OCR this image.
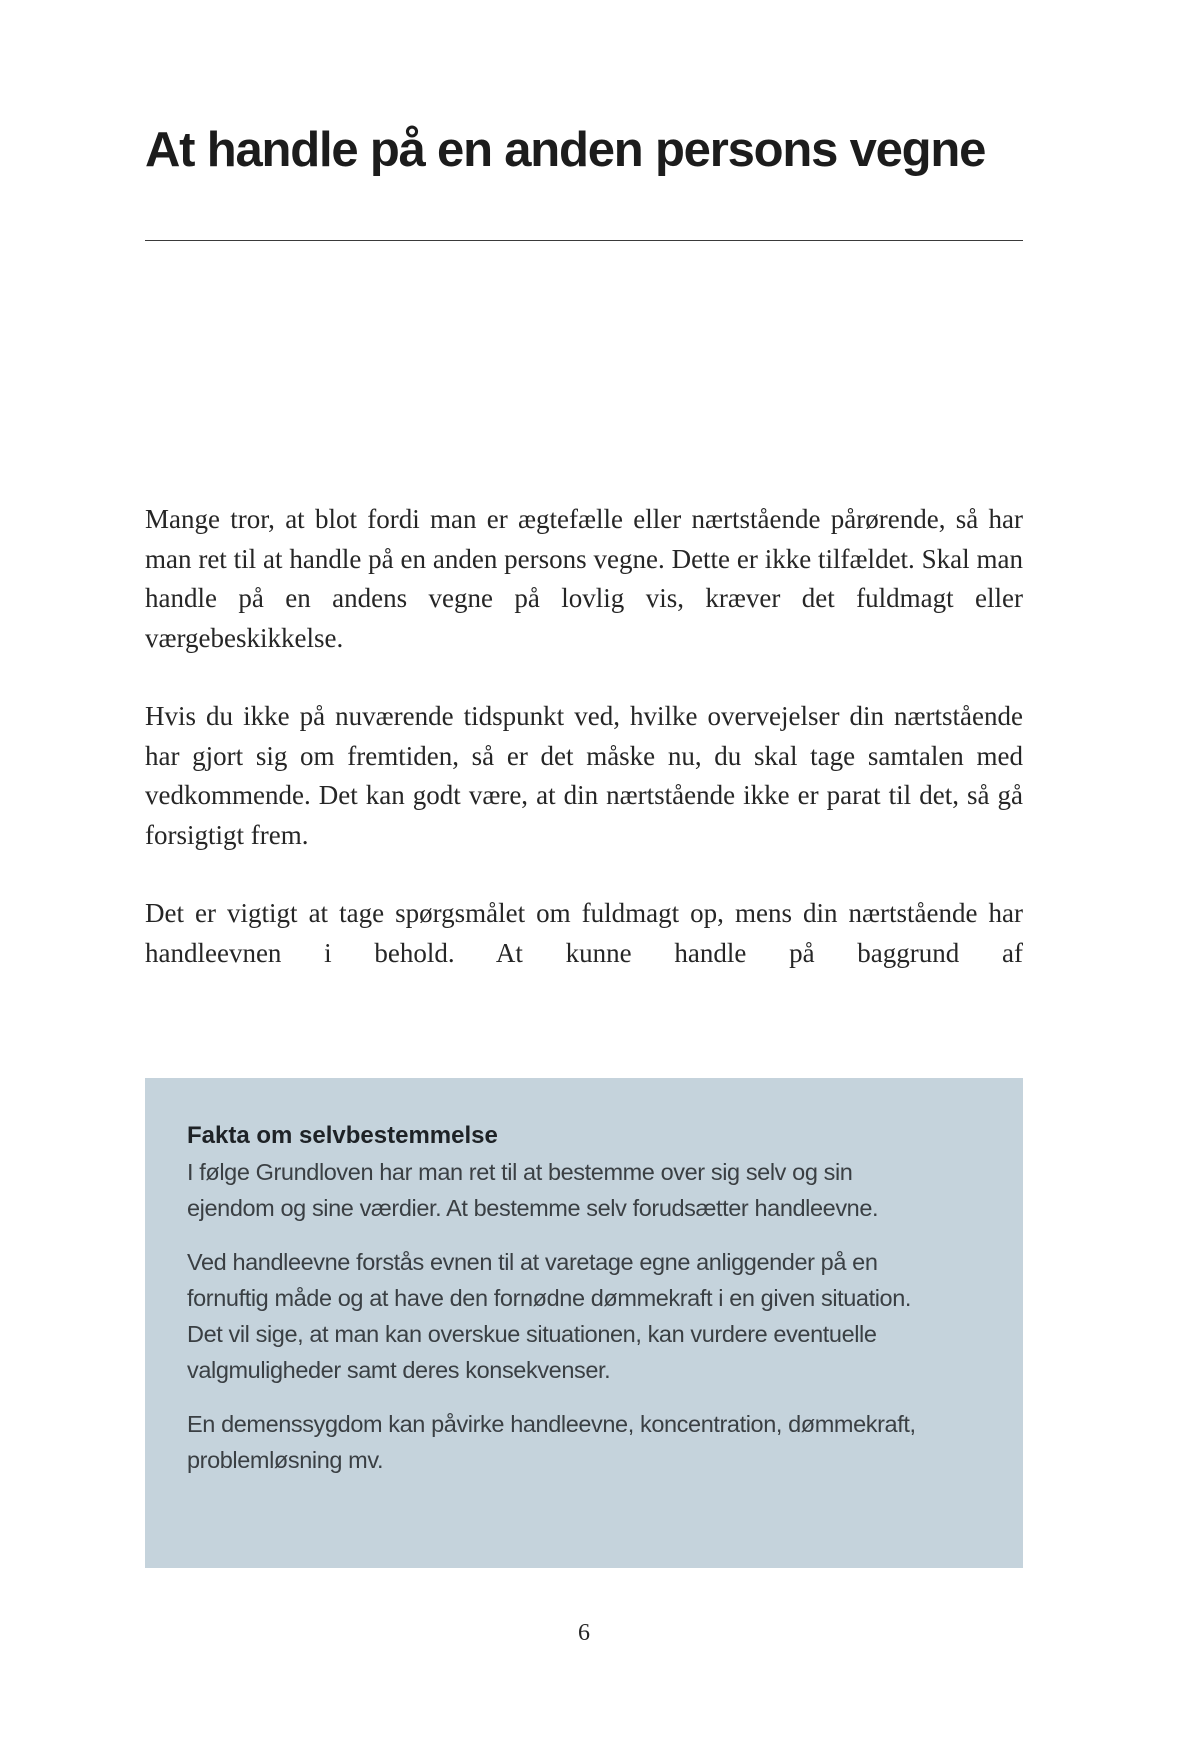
At handle på en anden persons vegne

Mange tror, at blot fordi man er ægtefælle eller nærtstående pårørende, så har man ret til at handle på en anden persons vegne. Dette er ikke tilfældet. Skal man handle på en andens vegne på lovlig vis, kræver det fuldmagt eller værgebeskikkelse.

Hvis du ikke på nuværende tidspunkt ved, hvilke overvejelser din nærtstående har gjort sig om fremtiden, så er det måske nu, du skal tage samtalen med vedkommende. Det kan godt være, at din nærtstående ikke er parat til det, så gå forsigtigt frem.

Det er vigtigt at tage spørgsmålet om fuldmagt op, mens din nærtstående har handleevnen i behold. At kunne handle på baggrund af

Fakta om selvbestemmelse

I følge Grundloven har man ret til at bestemme over sig selv og sin ejendom og sine værdier. At bestemme selv forudsætter handleevne.

Ved handleevne forstås evnen til at varetage egne anliggender på en fornuftig måde og at have den fornødne dømmekraft i en given situation. Det vil sige, at man kan overskue situationen, kan vurdere eventuelle valgmuligheder samt deres konsekvenser.

En demenssygdom kan påvirke handleevne, koncentration, dømmekraft, problemløsning mv.

6
